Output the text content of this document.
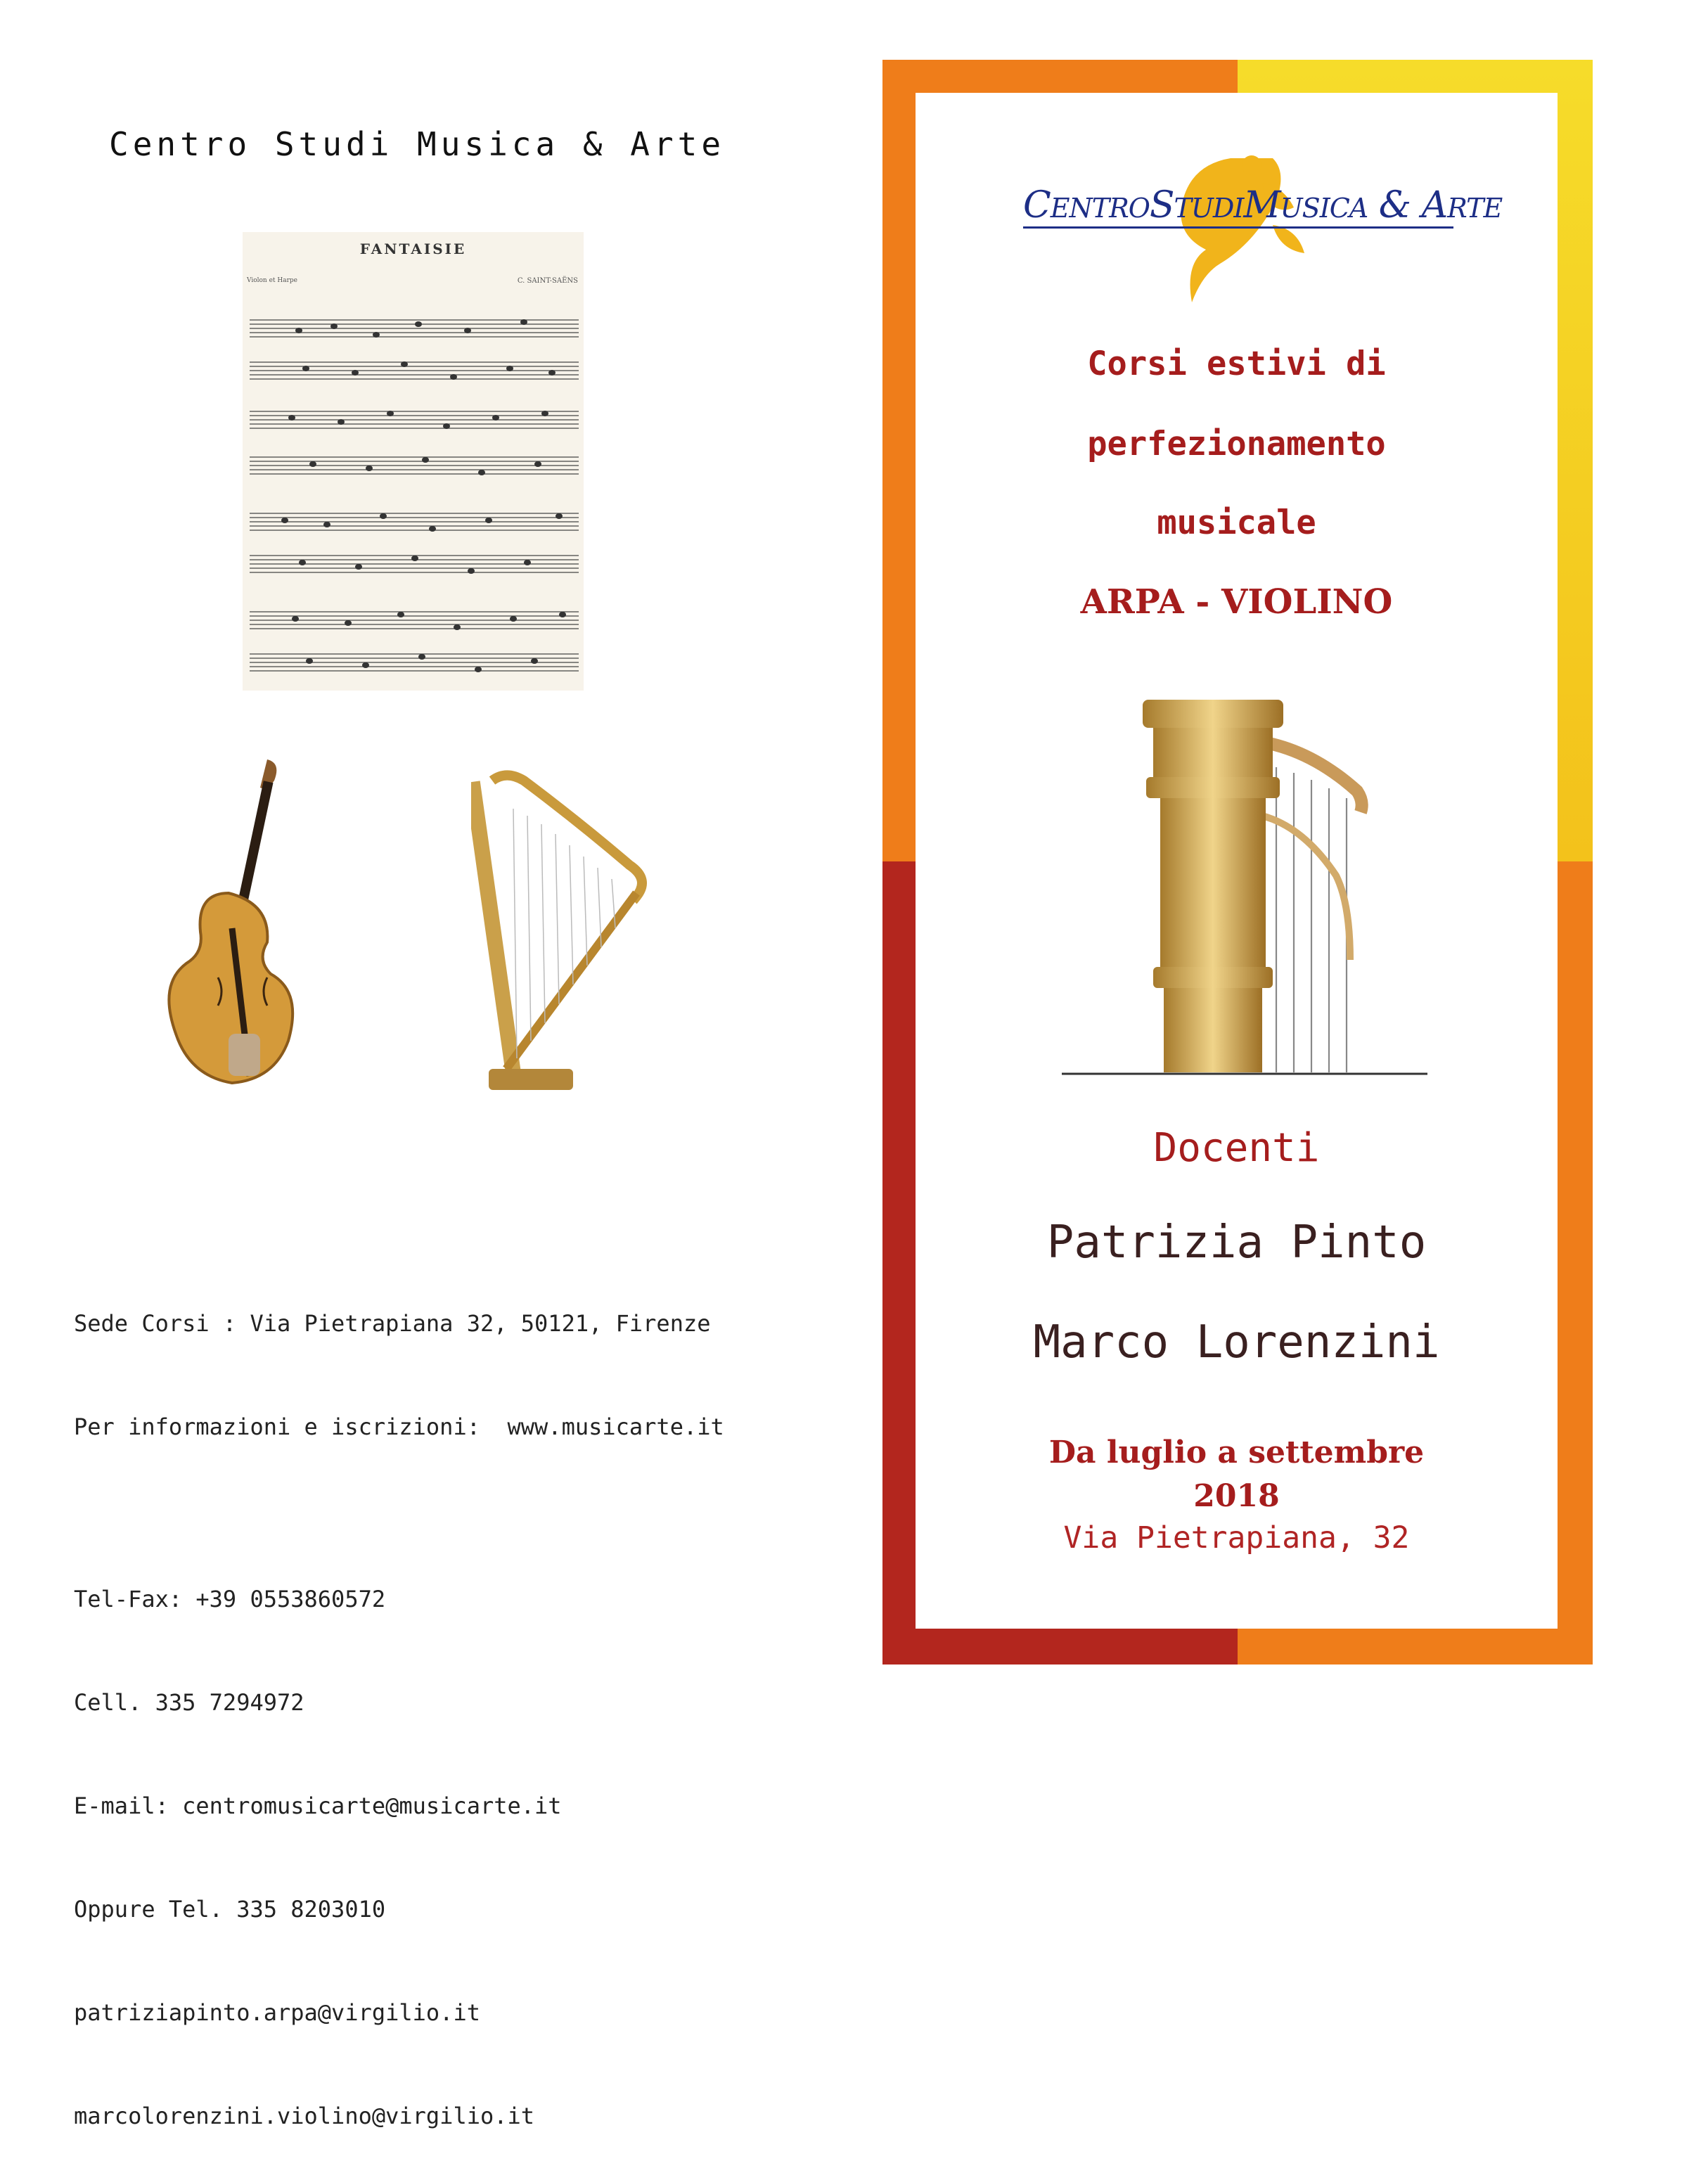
Centro Studi Musica & Arte
FANTAISIE
Violon et Harpe	C. SAINT-SAËNS

Sede Corsi : Via Pietrapiana 32, 50121, Firenze

Per informazioni e iscrizioni:  www.musicarte.it

Tel-Fax: +39 0553860572

Cell. 335 7294972

E-mail: centromusicarte@musicarte.it

Oppure Tel. 335 8203010

patriziapinto.arpa@virgilio.it

marcolorenzini.violino@virgilio.it

CENTROSTUDIMUSICA & ARTE
Corsi estivi di
perfezionamento
musicale
ARPA - VIOLINO
Docenti
Patrizia Pinto
Marco Lorenzini
Da luglio a settembre
2018
Via Pietrapiana, 32
